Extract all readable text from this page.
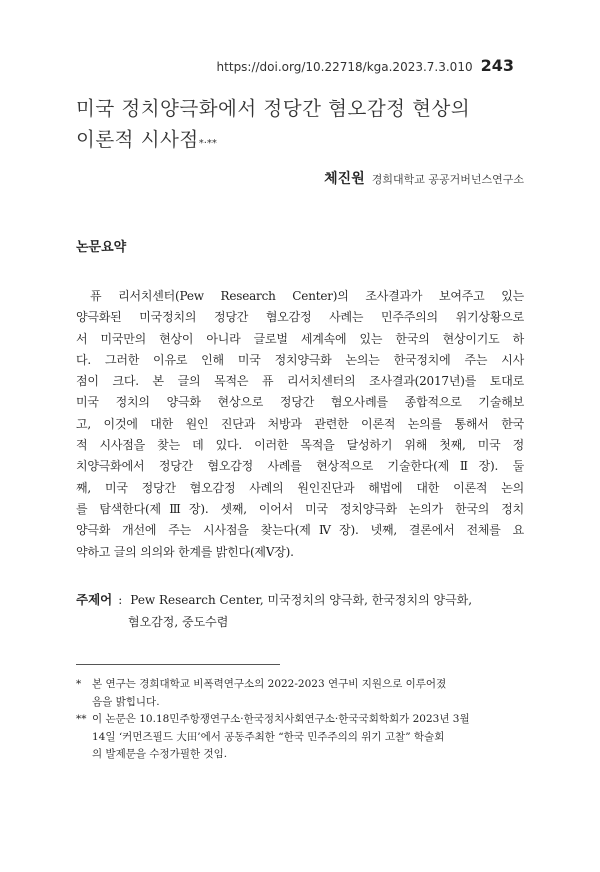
https://doi.org/10.22718/kga.2023.7.3.010 243
미국 정치양극화에서 정당간 혐오감정 현상의
이론적 시사점*·**
체진원 경희대학교 공공거버넌스연구소
논문요약
퓨 리서치센터(Pew Research Center)의 조사결과가 보여주고 있는
양극화된 미국정치의 정당간 혐오감정 사례는 민주주의의 위기상황으로
서 미국만의 현상이 아니라 글로벌 세계속에 있는 한국의 현상이기도 하
다. 그러한 이유로 인해 미국 정치양극화 논의는 한국정치에 주는 시사
점이 크다. 본 글의 목적은 퓨 리서치센터의 조사결과(2017년)를 토대로
미국 정치의 양극화 현상으로 정당간 혐오사례를 종합적으로 기술해보
고, 이것에 대한 원인 진단과 처방과 관련한 이론적 논의를 통해서 한국
적 시사점을 찾는 데 있다. 이러한 목적을 달성하기 위해 첫째, 미국 정
치양극화에서 정당간 혐오감정 사례를 현상적으로 기술한다(제Ⅱ장). 둘
째, 미국 정당간 혐오감정 사례의 원인진단과 해법에 대한 이론적 논의
를 탐색한다(제Ⅲ장). 셋째, 이어서 미국 정치양극화 논의가 한국의 정치
양극화 개선에 주는 시사점을 찾는다(제Ⅳ장). 넷째, 결론에서 전체를 요
약하고 글의 의의와 한계를 밝힌다(제Ⅴ장).
주제어 : Pew Research Center, 미국정치의 양극화, 한국정치의 양극화,
혐오감정, 중도수렴
*	본 연구는 경희대학교 비폭력연구소의 2022-2023 연구비 지원으로 이루어졌
음을 밝힙니다.
** 이 논문은 10.18민주항쟁연구소·한국정치사회연구소·한국국회학회가 2023년 3월
14일 ‘커먼즈필드 大田’에서 공동주최한 “한국 민주주의의 위기 고찰” 학술회
의 발제문을 수정가필한 것임.
